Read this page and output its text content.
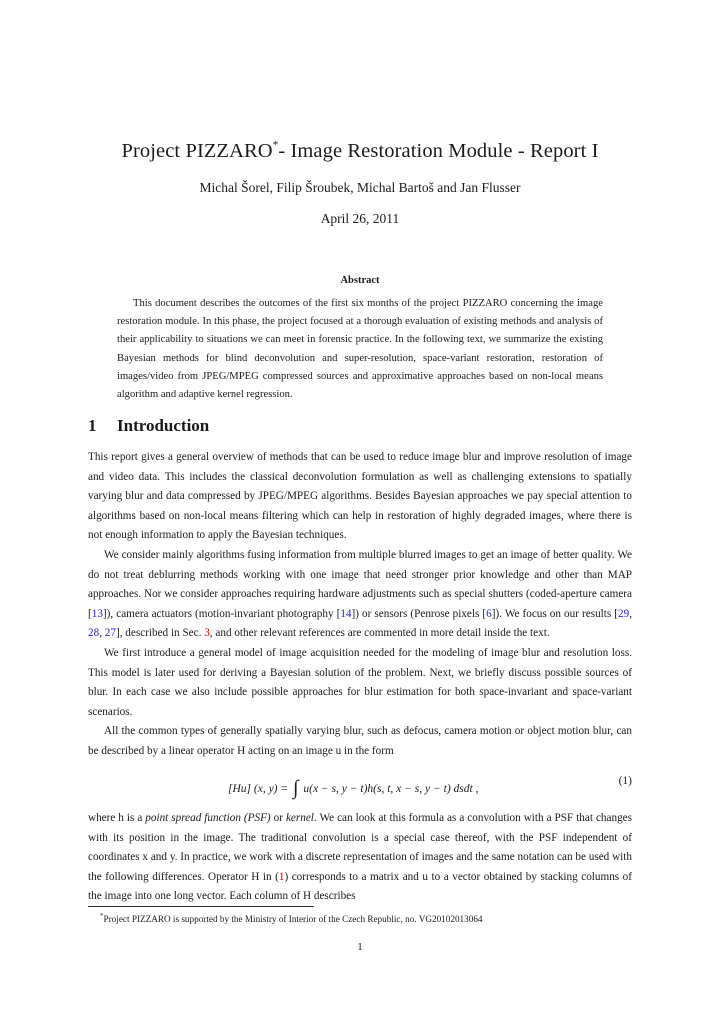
Project PIZZARO*- Image Restoration Module - Report I
Michal Šorel, Filip Šroubek, Michal Bartoš and Jan Flusser
April 26, 2011
Abstract
This document describes the outcomes of the first six months of the project PIZZARO concerning the image restoration module. In this phase, the project focused at a thorough evaluation of existing methods and analysis of their applicability to situations we can meet in forensic practice. In the following text, we summarize the existing Bayesian methods for blind deconvolution and super-resolution, space-variant restoration, restoration of images/video from JPEG/MPEG compressed sources and approximative approaches based on non-local means algorithm and adaptive kernel regression.
1 Introduction

This report gives a general overview of methods that can be used to reduce image blur and improve resolution of image and video data. This includes the classical deconvolution formulation as well as challenging extensions to spatially varying blur and data compressed by JPEG/MPEG algorithms. Besides Bayesian approaches we pay special attention to algorithms based on non-local means filtering which can help in restoration of highly degraded images, where there is not enough information to apply the Bayesian techniques.

We consider mainly algorithms fusing information from multiple blurred images to get an image of better quality. We do not treat deblurring methods working with one image that need stronger prior knowledge and other than MAP approaches. Nor we consider approaches requiring hardware adjustments such as special shutters (coded-aperture camera [13]), camera actuators (motion-invariant photography [14]) or sensors (Penrose pixels [6]). We focus on our results [29, 28, 27], described in Sec. 3, and other relevant references are commented in more detail inside the text.

We first introduce a general model of image acquisition needed for the modeling of image blur and resolution loss. This model is later used for deriving a Bayesian solution of the problem. Next, we briefly discuss possible sources of blur. In each case we also include possible approaches for blur estimation for both space-invariant and space-variant scenarios.

All the common types of generally spatially varying blur, such as defocus, camera motion or object motion blur, can be described by a linear operator H acting on an image u in the form

[Hu] (x, y) = ∫ u(x − s, y − t)h(s, t, x − s, y − t) dsdt ,
(1)

where h is a point spread function (PSF) or kernel. We can look at this formula as a convolution with a PSF that changes with its position in the image. The traditional convolution is a special case thereof, with the PSF independent of coordinates x and y. In practice, we work with a discrete representation of images and the same notation can be used with the following differences. Operator H in (1) corresponds to a matrix and u to a vector obtained by stacking columns of the image into one long vector. Each column of H describes

*Project PIZZARO is supported by the Ministry of Interior of the Czech Republic, no. VG20102013064
1
